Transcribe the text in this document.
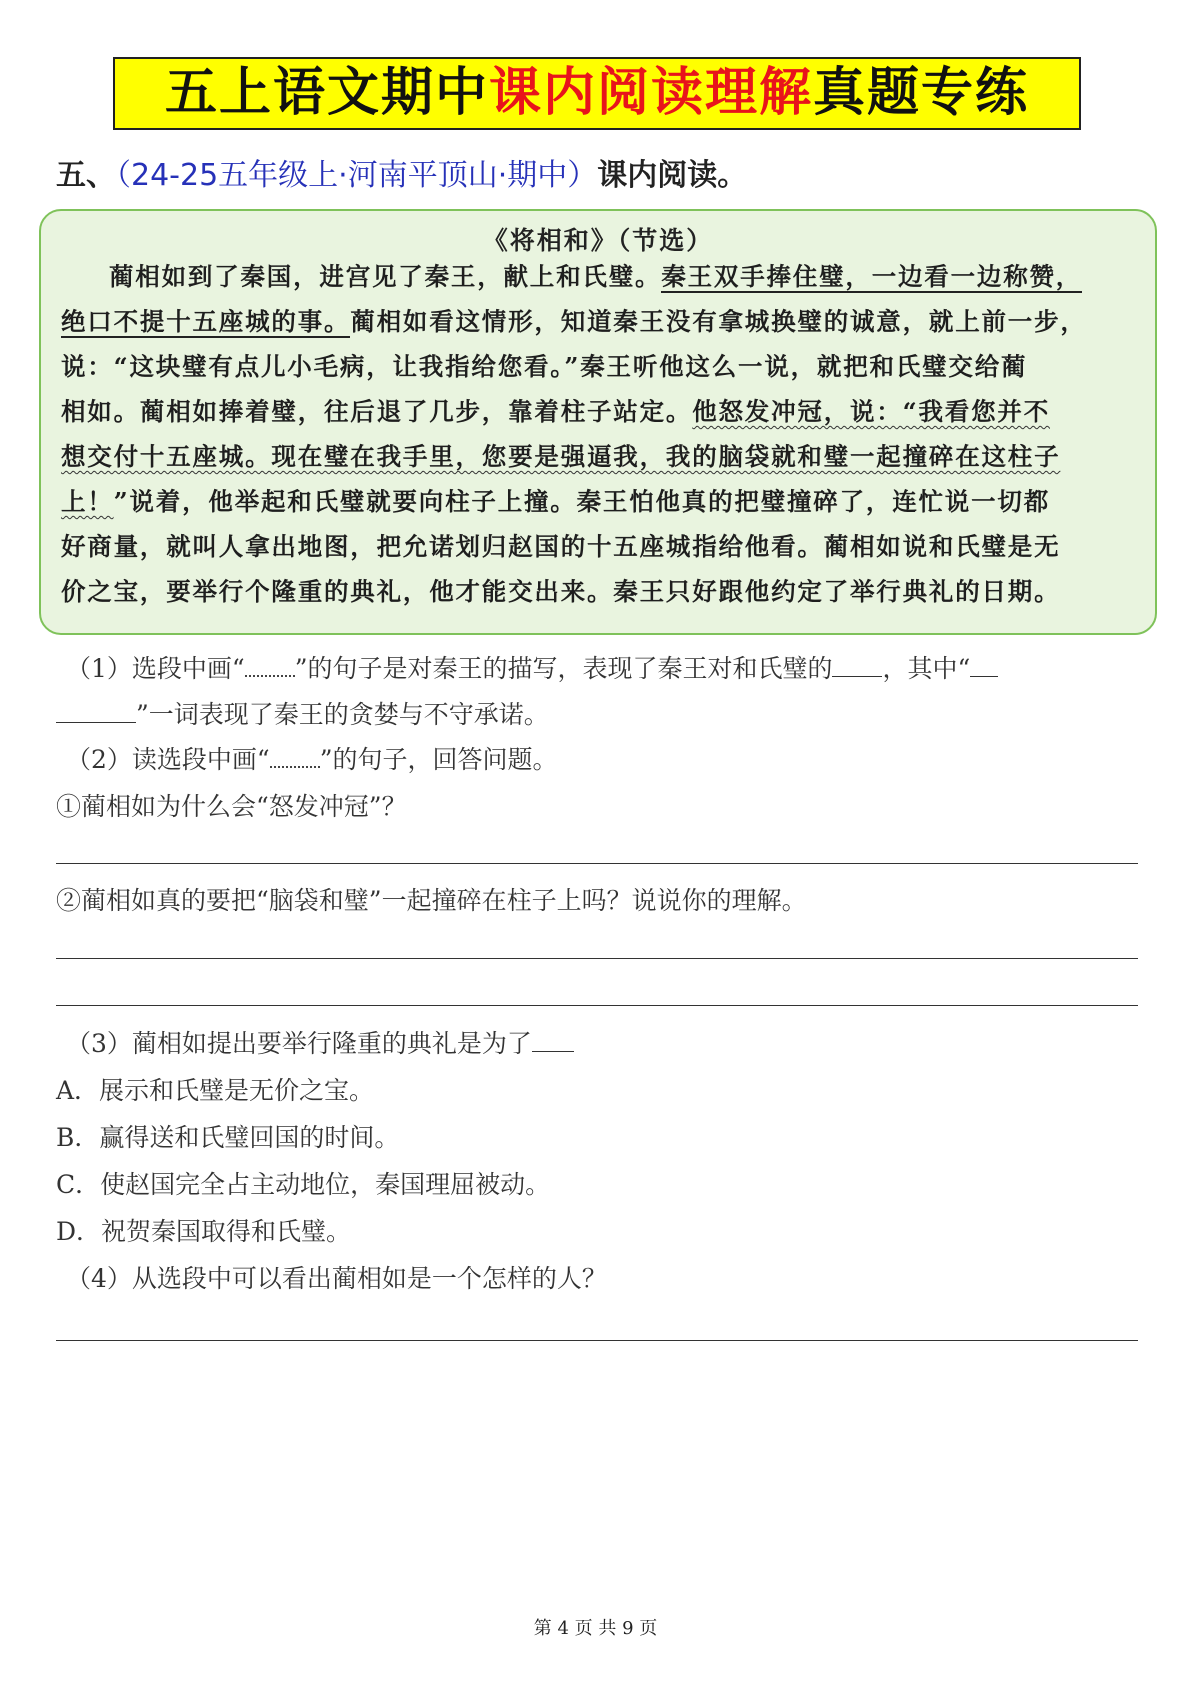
五上语文期中课内阅读理解真题专练
五、（24-25五年级上·河南平顶山·期中）课内阅读。
《将相和》（节选）
蔺相如到了秦国，进宫见了秦王，献上和氏璧。秦王双手捧住璧，一边看一边称赞，
绝口不提十五座城的事。蔺相如看这情形，知道秦王没有拿城换璧的诚意，就上前一步，
说：“这块璧有点儿小毛病，让我指给您看。”秦王听他这么一说，就把和氏璧交给蔺
相如。蔺相如捧着璧，往后退了几步，靠着柱子站定。他怒发冲冠，说：“我看您并不
想交付十五座城。现在璧在我手里，您要是强逼我，我的脑袋就和璧一起撞碎在这柱子
上！”说着，他举起和氏璧就要向柱子上撞。秦王怕他真的把璧撞碎了，连忙说一切都
好商量，就叫人拿出地图，把允诺划归赵国的十五座城指给他看。蔺相如说和氏璧是无
价之宝，要举行个隆重的典礼，他才能交出来。秦王只好跟他约定了举行典礼的日期。
（1）选段中画“ ”的句子是对秦王的描写，表现了秦王对和氏璧的 ，其中“
”一词表现了秦王的贪婪与不守承诺。
（2）读选段中画“ ”的句子，回答问题。
①蔺相如为什么会“怒发冲冠”？
②蔺相如真的要把“脑袋和璧”一起撞碎在柱子上吗？说说你的理解。
（3）蔺相如提出要举行隆重的典礼是为了
A．展示和氏璧是无价之宝。
B．赢得送和氏璧回国的时间。
C．使赵国完全占主动地位，秦国理屈被动。
D．祝贺秦国取得和氏璧。
（4）从选段中可以看出蔺相如是一个怎样的人？
第 4 页 共 9 页
